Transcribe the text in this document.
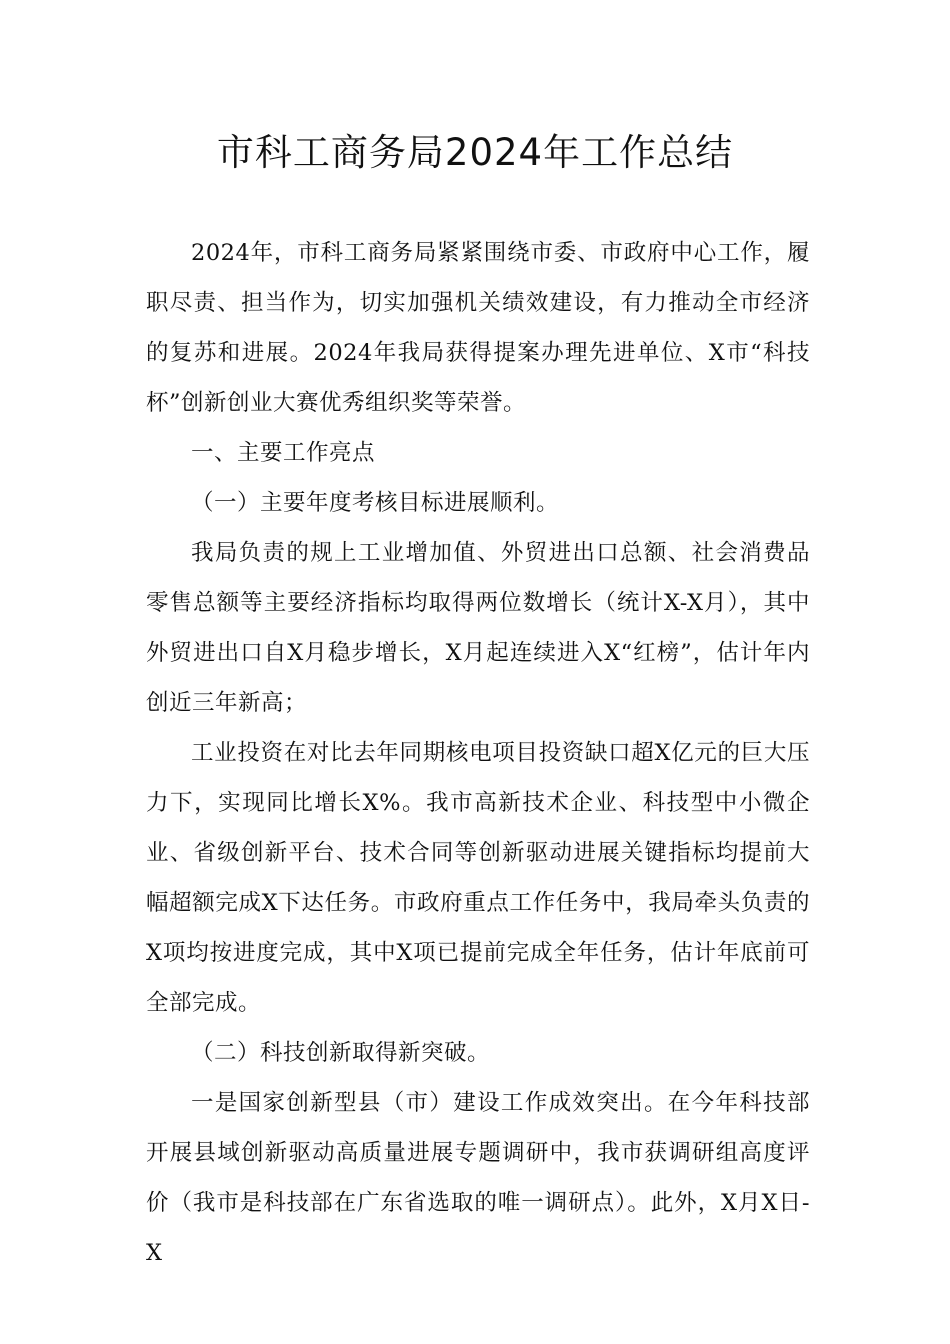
市科工商务局2024年工作总结

2024年，市科工商务局紧紧围绕市委、市政府中心工作，履职尽责、担当作为，切实加强机关绩效建设，有力推动全市经济的复苏和进展。2024年我局获得提案办理先进单位、X市“科技杯”创新创业大赛优秀组织奖等荣誉。

一、主要工作亮点

（一）主要年度考核目标进展顺利。

我局负责的规上工业增加值、外贸进出口总额、社会消费品零售总额等主要经济指标均取得两位数增长（统计X-X月），其中外贸进出口自X月稳步增长，X月起连续进入X“红榜”，估计年内创近三年新高；

工业投资在对比去年同期核电项目投资缺口超X亿元的巨大压力下，实现同比增长X%。我市高新技术企业、科技型中小微企业、省级创新平台、技术合同等创新驱动进展关键指标均提前大幅超额完成X下达任务。市政府重点工作任务中，我局牵头负责的X项均按进度完成，其中X项已提前完成全年任务，估计年底前可全部完成。

（二）科技创新取得新突破。

一是国家创新型县（市）建设工作成效突出。在今年科技部开展县域创新驱动高质量进展专题调研中，我市获调研组高度评价（我市是科技部在广东省选取的唯一调研点）。此外，X月X日-X
